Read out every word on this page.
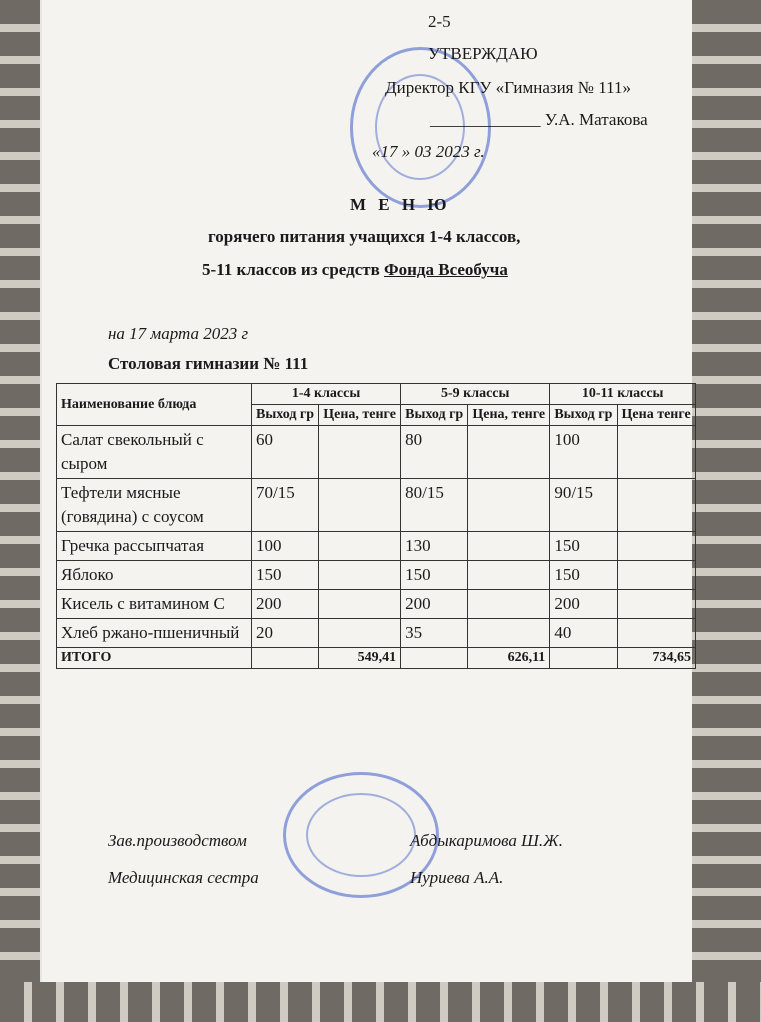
2-5
УТВЕРЖДАЮ
Директор КГУ «Гимназия № 111»
_____________ У.А. Матакова
«17 » 03 2023 г.
М Е Н Ю
горячего питания учащихся 1-4 классов,
5-11 классов из средств Фонда Всеобуча
на 17 марта 2023 г
Столовая гимназии № 111
Наименование блюда	1-4 классы		5-9 классы		10-11 классы	
	Выход гр	Цена, тенге	Выход гр	Цена, тенге	Выход гр	Цена тенге
Салат свекольный с сыром	60		80		100	
Тефтели мясные (говядина) с соусом	70/15		80/15		90/15	
Гречка рассыпчатая	100		130		150	
Яблоко	150		150		150	
Кисель с витамином С	200		200		200	
Хлеб ржано-пшеничный	20		35		40	
ИТОГО		549,41		626,11		734,65
Зав.производством	Абдыкаримова Ш.Ж.
Медицинская сестра	Нуриева А.А.
